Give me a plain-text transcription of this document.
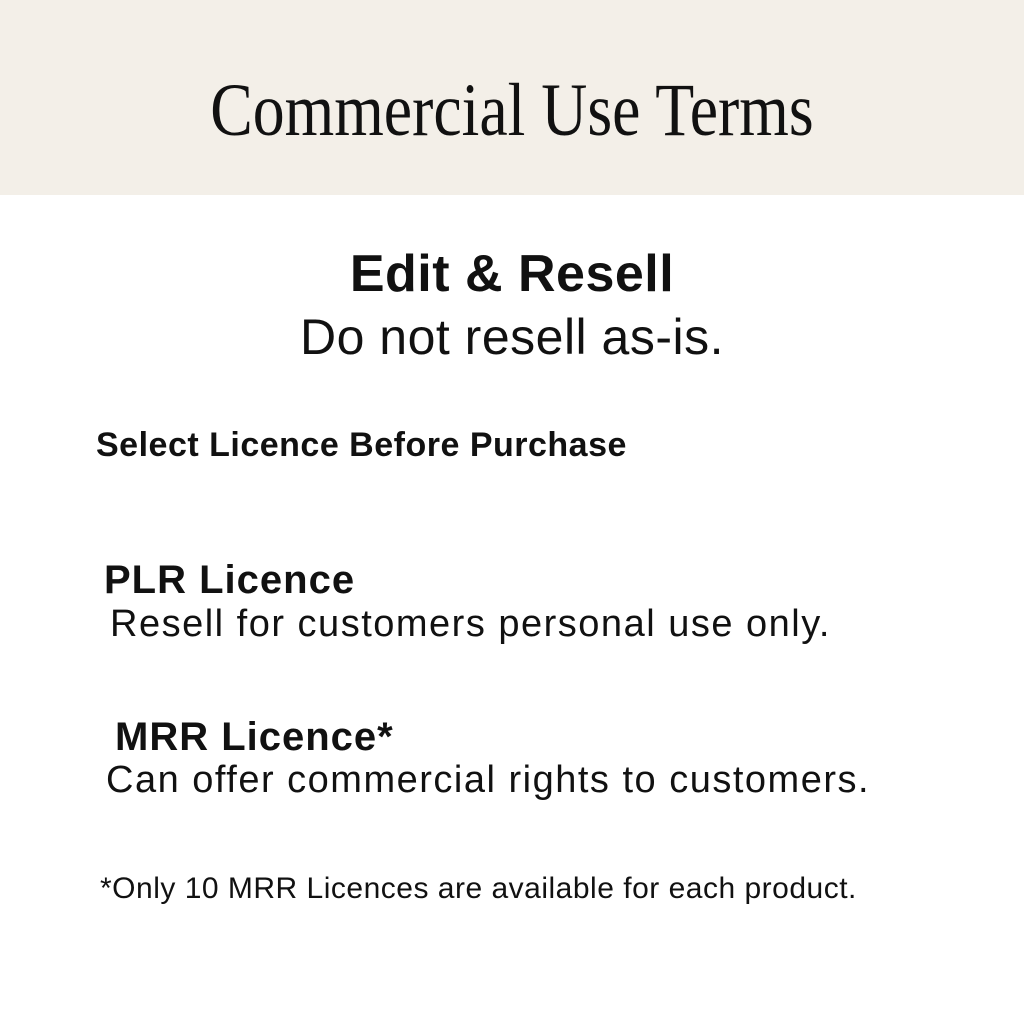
Commercial Use Terms
Edit & Resell
Do not resell as-is.
Select Licence Before Purchase
PLR Licence
Resell for customers personal use only.
MRR Licence*
Can offer commercial rights to customers.
*Only 10 MRR Licences are available for each product.
